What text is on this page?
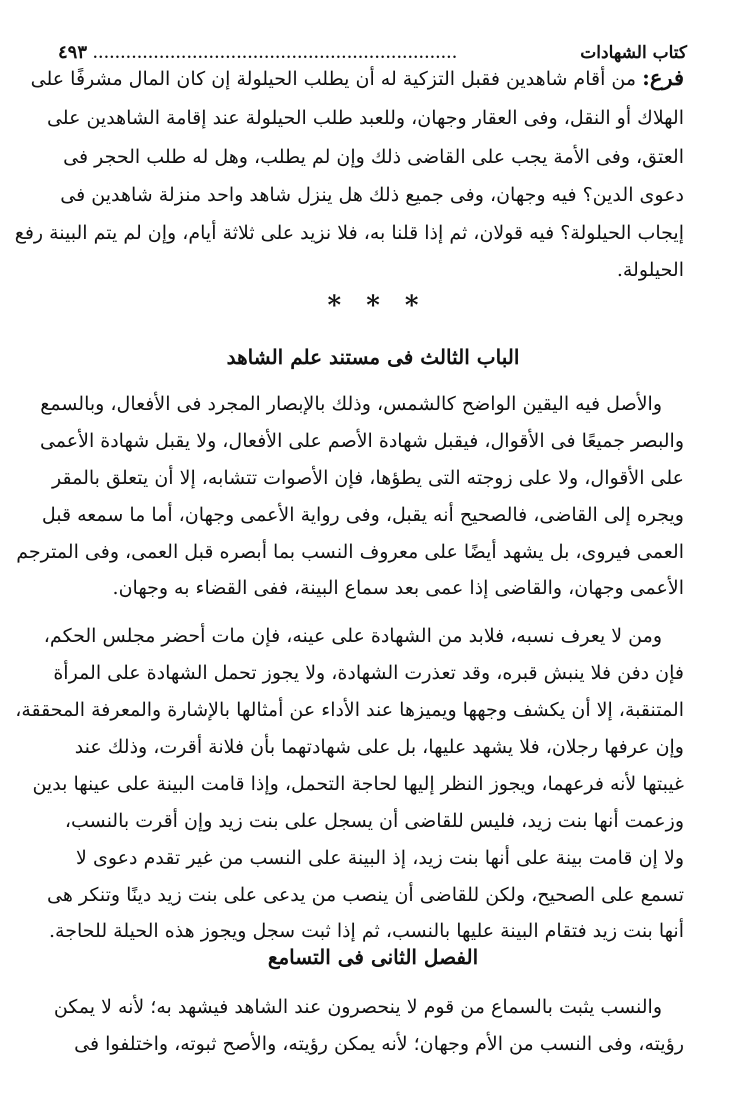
كتاب الشهادات
..................................................................
٤٩٣
فرع: من أقام شاهدين فقبل التزكية له أن يطلب الحيلولة إن كان المال مشرفًا على
الهلاك أو النقل، وفى العقار وجهان، وللعبد طلب الحيلولة عند إقامة الشاهدين على
العتق، وفى الأمة يجب على القاضى ذلك وإن لم يطلب، وهل له طلب الحجر فى
دعوى الدين؟ فيه وجهان، وفى جميع ذلك هل ينزل شاهد واحد منزلة شاهدين فى
إيجاب الحيلولة؟ فيه قولان، ثم إذا قلنا به، فلا نزيد على ثلاثة أيام، وإن لم يتم البينة رفع
الحيلولة.
* * *
الباب الثالث فى مستند علم الشاهد
والأصل فيه اليقين الواضح كالشمس، وذلك بالإبصار المجرد فى الأفعال، وبالسمع
والبصر جميعًا فى الأقوال، فيقبل شهادة الأصم على الأفعال، ولا يقبل شهادة الأعمى
على الأقوال، ولا على زوجته التى يطؤها، فإن الأصوات تتشابه، إلا أن يتعلق بالمقر
ويجره إلى القاضى، فالصحيح أنه يقبل، وفى رواية الأعمى وجهان، أما ما سمعه قبل
العمى فيروى، بل يشهد أيضًا على معروف النسب بما أبصره قبل العمى، وفى المترجم
الأعمى وجهان، والقاضى إذا عمى بعد سماع البينة، ففى القضاء به وجهان.
ومن لا يعرف نسبه، فلابد من الشهادة على عينه، فإن مات أحضر مجلس الحكم،
فإن دفن فلا ينبش قبره، وقد تعذرت الشهادة، ولا يجوز تحمل الشهادة على المرأة
المتنقبة، إلا أن يكشف وجهها ويميزها عند الأداء عن أمثالها بالإشارة والمعرفة المحققة،
وإن عرفها رجلان، فلا يشهد عليها، بل على شهادتهما بأن فلانة أقرت، وذلك عند
غيبتها لأنه فرعهما، ويجوز النظر إليها لحاجة التحمل، وإذا قامت البينة على عينها بدين
وزعمت أنها بنت زيد، فليس للقاضى أن يسجل على بنت زيد وإن أقرت بالنسب،
ولا إن قامت بينة على أنها بنت زيد، إذ البينة على النسب من غير تقدم دعوى لا
تسمع على الصحيح، ولكن للقاضى أن ينصب من يدعى على بنت زيد دينًا وتنكر هى
أنها بنت زيد فتقام البينة عليها بالنسب، ثم إذا ثبت سجل ويجوز هذه الحيلة للحاجة.
الفصل الثانى فى التسامع
والنسب يثبت بالسماع من قوم لا ينحصرون عند الشاهد فيشهد به؛ لأنه لا يمكن
رؤيته، وفى النسب من الأم وجهان؛ لأنه يمكن رؤيته، والأصح ثبوته، واختلفوا فى
